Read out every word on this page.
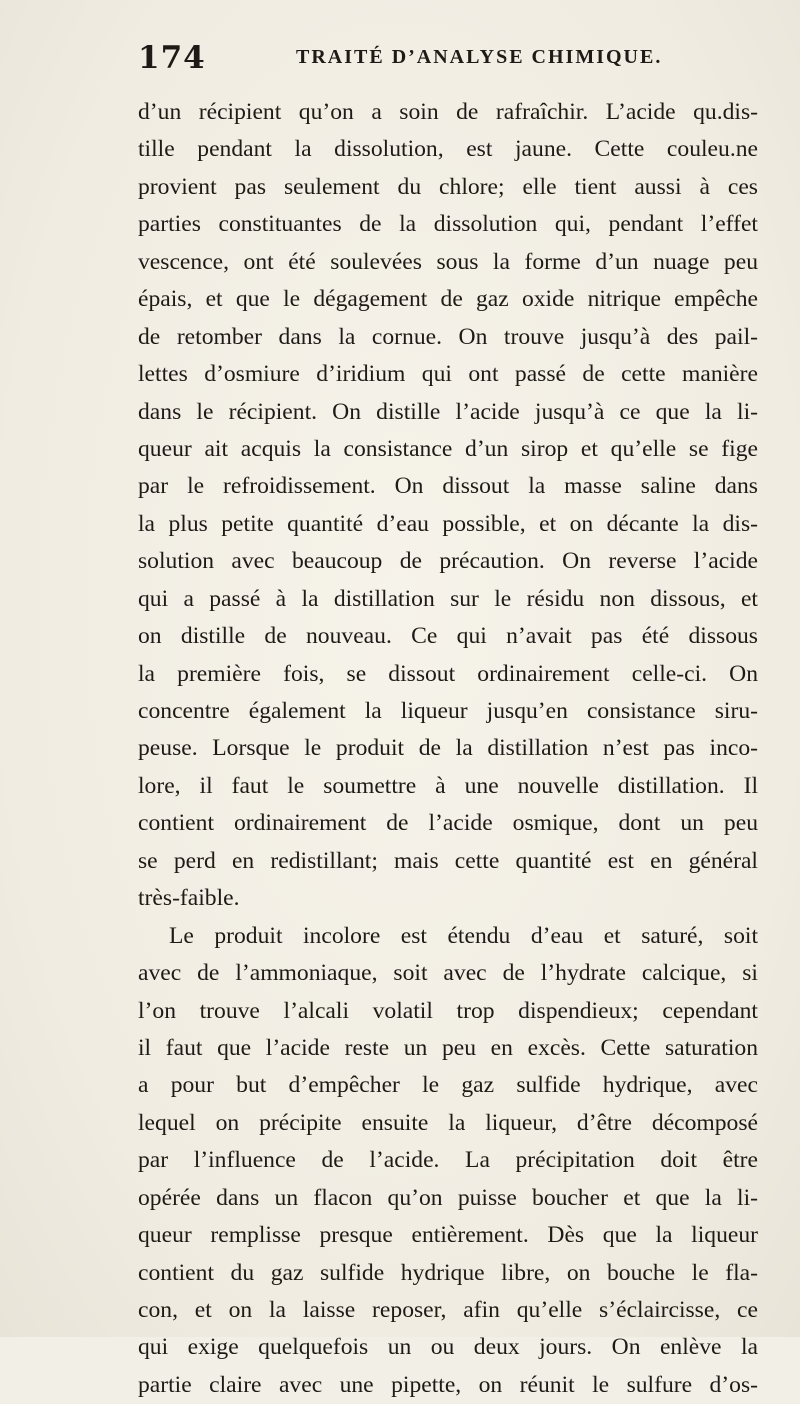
174	TRAITÉ D’ANALYSE CHIMIQUE.
d’un récipient qu’on a soin de rafraîchir. L’acide qu.dis-
tille pendant la dissolution, est jaune. Cette couleu.ne
provient pas seulement du chlore; elle tient aussi à ces
parties constituantes de la dissolution qui, pendant l’effet
vescence, ont été soulevées sous la forme d’un nuage peu
épais, et que le dégagement de gaz oxide nitrique empêche
de retomber dans la cornue. On trouve jusqu’à des pail-
lettes d’osmiure d’iridium qui ont passé de cette manière
dans le récipient. On distille l’acide jusqu’à ce que la li-
queur ait acquis la consistance d’un sirop et qu’elle se fige
par le refroidissement. On dissout la masse saline dans
la plus petite quantité d’eau possible, et on décante la dis-
solution avec beaucoup de précaution. On reverse l’acide
qui a passé à la distillation sur le résidu non dissous, et
on distille de nouveau. Ce qui n’avait pas été dissous
la première fois, se dissout ordinairement celle-ci. On
concentre également la liqueur jusqu’en consistance siru-
peuse. Lorsque le produit de la distillation n’est pas inco-
lore, il faut le soumettre à une nouvelle distillation. Il
contient ordinairement de l’acide osmique, dont un peu
se perd en redistillant; mais cette quantité est en général
très-faible.
Le produit incolore est étendu d’eau et saturé, soit
avec de l’ammoniaque, soit avec de l’hydrate calcique, si
l’on trouve l’alcali volatil trop dispendieux; cependant
il faut que l’acide reste un peu en excès. Cette saturation
a pour but d’empêcher le gaz sulfide hydrique, avec
lequel on précipite ensuite la liqueur, d’être décomposé
par l’influence de l’acide. La précipitation doit être
opérée dans un flacon qu’on puisse boucher et que la li-
queur remplisse presque entièrement. Dès que la liqueur
contient du gaz sulfide hydrique libre, on bouche le fla-
con, et on la laisse reposer, afin qu’elle s’éclaircisse, ce
qui exige quelquefois un ou deux jours. On enlève la
partie claire avec une pipette, on réunit le sulfure d’os-
